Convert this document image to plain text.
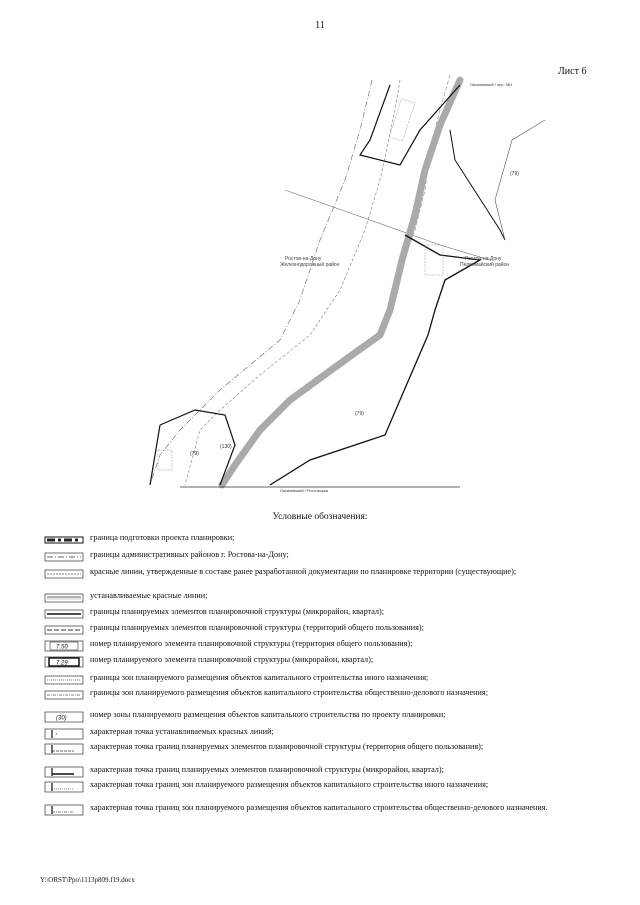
11
Лист 6
Ростов-на-Дону Железнодорожный район
Ростов-на-Дону Первомайский район
(79)
(79)
(79)
(130)
Лихачевский / пер. №1
Лихачевский / Ростовская
Условные обозначения:
граница подготовки проекта планировки;
границы административных районов г. Ростова-на-Дону;
красные линии, утвержденные в составе ранее разработанной документации по планировке территории (существующие);
устанавливаемые красные линии;
границы планируемых элементов планировочной структуры (микрорайон, квартал);
границы планируемых элементов планировочной структуры (территорий общего пользования);
7.50	номер планируемого элемента планировочной структуры (территория общего пользования);
7.29	номер планируемого элемента планировочной структуры (микрорайон, квартал);
границы зон планируемого размещения объектов капитального строительства иного назначения;
границы зон планируемого размещения объектов капитального строительства общественно-делового назначения;
(30)	номер зоны планируемого размещения объектов капитального строительства по проекту планировки;
1	характерная точка устанавливаемых красных линий;
характерная точка границ планируемых элементов планировочной структуры (территория общего пользования);
характерная точка границ планируемых элементов планировочной структуры (микрорайон, квартал);
характерная точка границ зон планируемого размещения объектов капитального строительства иного назначения;
характерная точка границ зон планируемого размещения объектов капитального строительства общественно-делового назначения.
Y:\ORST\Ppo\1113p809.f19.docx
